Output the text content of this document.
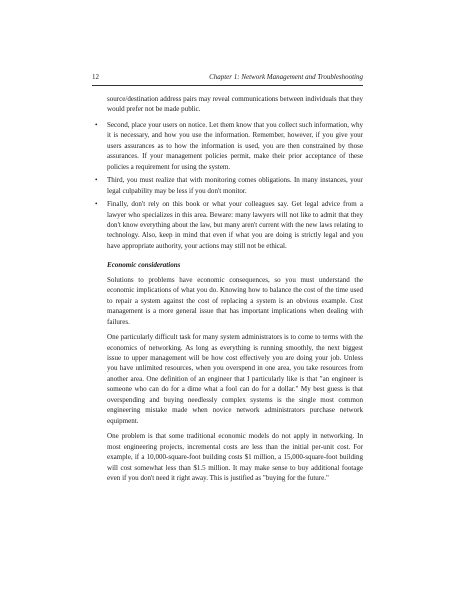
12	Chapter 1: Network Management and Troubleshooting

source/destination address pairs may reveal communications between individuals that they would prefer not be made public.

• Second, place your users on notice. Let them know that you collect such information, why it is necessary, and how you use the information. Remember, however, if you give your users assurances as to how the information is used, you are then constrained by those assurances. If your management policies permit, make their prior acceptance of these policies a requirement for using the system.
• Third, you must realize that with monitoring comes obligations. In many instances, your legal culpability may be less if you don't monitor.
• Finally, don't rely on this book or what your colleagues say. Get legal advice from a lawyer who specializes in this area. Beware: many lawyers will not like to admit that they don't know everything about the law, but many aren't current with the new laws relating to technology. Also, keep in mind that even if what you are doing is strictly legal and you have appropriate authority, your actions may still not be ethical.
Economic considerations

Solutions to problems have economic consequences, so you must understand the economic implications of what you do. Knowing how to balance the cost of the time used to repair a system against the cost of replacing a system is an obvious example. Cost management is a more general issue that has important implications when dealing with failures.

One particularly difficult task for many system administrators is to come to terms with the economics of networking. As long as everything is running smoothly, the next biggest issue to upper management will be how cost effectively you are doing your job. Unless you have unlimited resources, when you overspend in one area, you take resources from another area. One definition of an engineer that I particularly like is that "an engineer is someone who can do for a dime what a fool can do for a dollar." My best guess is that overspending and buying needlessly complex systems is the single most common engineering mistake made when novice network administrators purchase network equipment.

One problem is that some traditional economic models do not apply in networking. In most engineering projects, incremental costs are less than the initial per-unit cost. For example, if a 10,000-square-foot building costs $1 million, a 15,000-square-foot building will cost somewhat less than $1.5 million. It may make sense to buy additional footage even if you don't need it right away. This is justified as "buying for the future."
